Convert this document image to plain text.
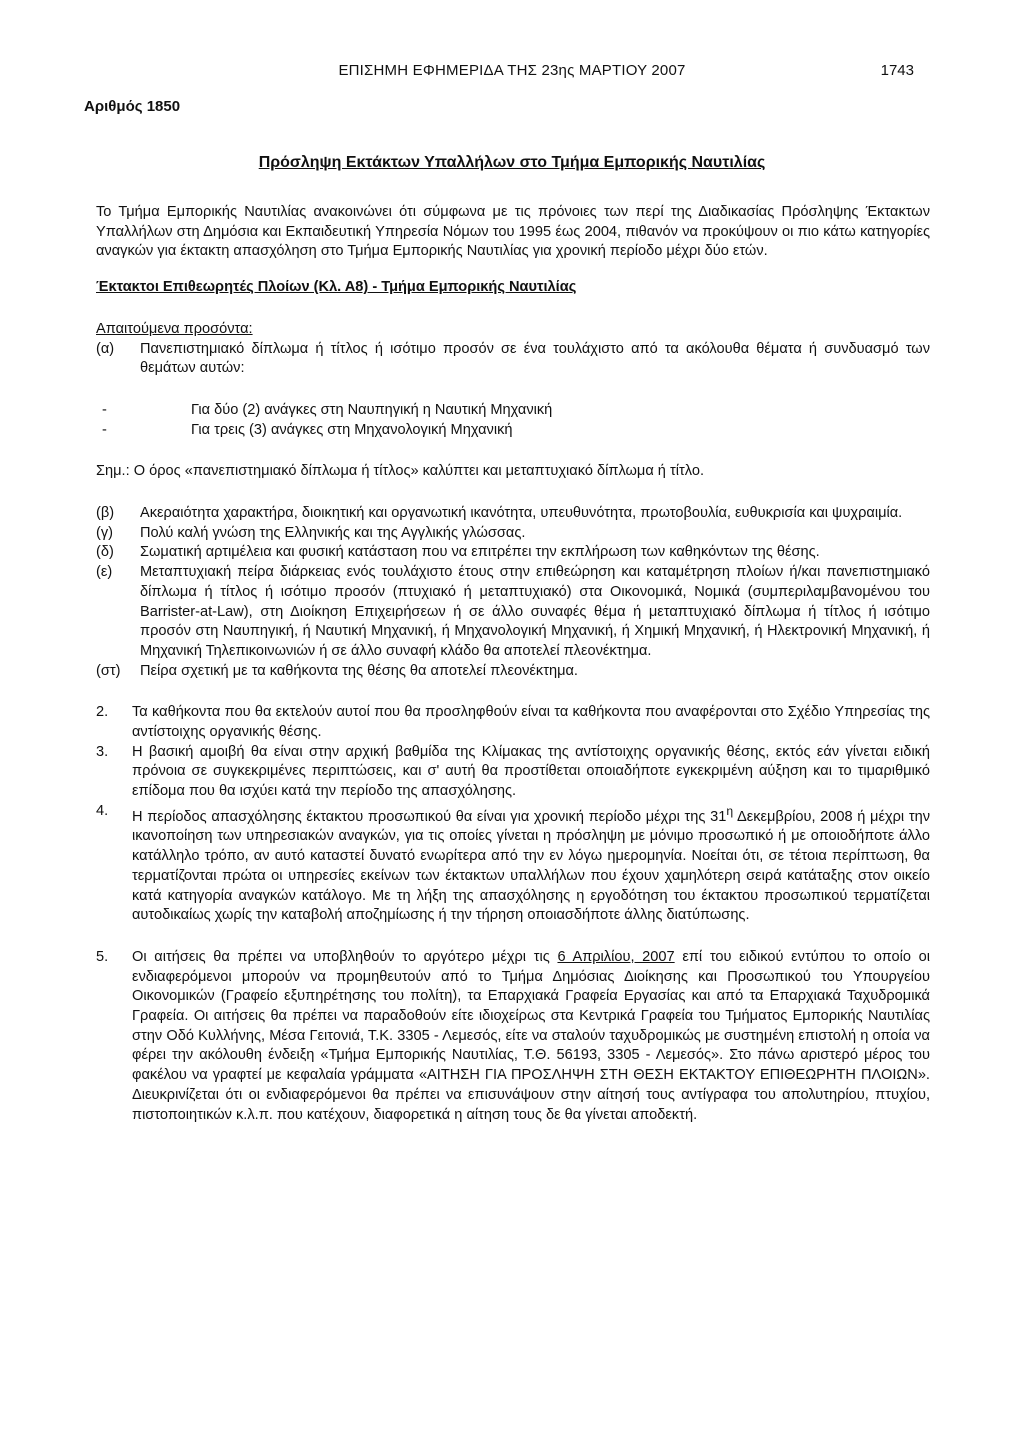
ΕΠΙΣΗΜΗ ΕΦΗΜΕΡΙΔΑ ΤΗΣ 23ης ΜΑΡΤΙΟΥ 2007	1743
Αριθμός 1850
Πρόσληψη Εκτάκτων Υπαλλήλων στο Τμήμα Εμπορικής Ναυτιλίας

Το Τμήμα Εμπορικής Ναυτιλίας ανακοινώνει ότι σύμφωνα με τις πρόνοιες των περί της Διαδικασίας Πρόσληψης Έκτακτων Υπαλλήλων στη Δημόσια και Εκπαιδευτική Υπηρεσία Νόμων του 1995 έως 2004, πιθανόν να προκύψουν οι πιο κάτω κατηγορίες αναγκών για έκτακτη απασχόληση στο Τμήμα Εμπορικής Ναυτιλίας για χρονική περίοδο μέχρι δύο ετών.

Έκτακτοι Επιθεωρητές Πλοίων (Κλ. Α8) - Τμήμα Εμπορικής Ναυτιλίας

Απαιτούμενα προσόντα:

(α)	Πανεπιστημιακό δίπλωμα ή τίτλος ή ισότιμο προσόν σε ένα τουλάχιστο από τα ακόλουθα θέματα ή συνδυασμό των θεμάτων αυτών:
-	Για δύο (2) ανάγκες στη Ναυπηγική η Ναυτική Μηχανική
-	Για τρεις (3) ανάγκες στη Μηχανολογική Μηχανική

Σημ.: Ο όρος «πανεπιστημιακό δίπλωμα ή τίτλος» καλύπτει και μεταπτυχιακό δίπλωμα ή τίτλο.

(β)	Ακεραιότητα χαρακτήρα, διοικητική και οργανωτική ικανότητα, υπευθυνότητα, πρωτοβουλία, ευθυκρισία και ψυχραιμία.
(γ)	Πολύ καλή γνώση της Ελληνικής και της Αγγλικής γλώσσας.
(δ)	Σωματική αρτιμέλεια και φυσική κατάσταση που να επιτρέπει την εκπλήρωση των καθηκόντων της θέσης.
(ε)	Μεταπτυχιακή πείρα διάρκειας ενός τουλάχιστο έτους στην επιθεώρηση και καταμέτρηση πλοίων ή/και πανεπιστημιακό δίπλωμα ή τίτλος ή ισότιμο προσόν (πτυχιακό ή μεταπτυχιακό) στα Οικονομικά, Νομικά (συμπεριλαμβανομένου του Barrister-at-Law), στη Διοίκηση Επιχειρήσεων ή σε άλλο συναφές θέμα ή μεταπτυχιακό δίπλωμα ή τίτλος ή ισότιμο προσόν στη Ναυπηγική, ή Ναυτική Μηχανική, ή Μηχανολογική Μηχανική, ή Χημική Μηχανική, ή Ηλεκτρονική Μηχανική, ή Μηχανική Τηλεπικοινωνιών ή σε άλλο συναφή κλάδο θα αποτελεί πλεονέκτημα.
(στ)	Πείρα σχετική με τα καθήκοντα της θέσης θα αποτελεί πλεονέκτημα.
2.	Τα καθήκοντα που θα εκτελούν αυτοί που θα προσληφθούν είναι τα καθήκοντα που αναφέρονται στο Σχέδιο Υπηρεσίας της αντίστοιχης οργανικής θέσης.
3.	Η βασική αμοιβή θα είναι στην αρχική βαθμίδα της Κλίμακας της αντίστοιχης οργανικής θέσης, εκτός εάν γίνεται ειδική πρόνοια σε συγκεκριμένες περιπτώσεις, και σ' αυτή θα προστίθεται οποιαδήποτε εγκεκριμένη αύξηση και το τιμαριθμικό επίδομα που θα ισχύει κατά την περίοδο της απασχόλησης.
4.	Η περίοδος απασχόλησης έκτακτου προσωπικού θα είναι για χρονική περίοδο μέχρι της $31^\eta$ Δεκεμβρίου, 2008 ή μέχρι την ικανοποίηση των υπηρεσιακών αναγκών, για τις οποίες γίνεται η πρόσληψη με μόνιμο προσωπικό ή με οποιοδήποτε άλλο κατάλληλο τρόπο, αν αυτό καταστεί δυνατό ενωρίτερα από την εν λόγω ημερομηνία. Νοείται ότι, σε τέτοια περίπτωση, θα τερματίζονται πρώτα οι υπηρεσίες εκείνων των έκτακτων υπαλλήλων που έχουν χαμηλότερη σειρά κατάταξης στον οικείο κατά κατηγορία αναγκών κατάλογο. Με τη λήξη της απασχόλησης η εργοδότηση του έκτακτου προσωπικού τερματίζεται αυτοδικαίως χωρίς την καταβολή αποζημίωσης ή την τήρηση οποιασδήποτε άλλης διατύπωσης.
5.	Οι αιτήσεις θα πρέπει να υποβληθούν το αργότερο μέχρι τις 6 Απριλίου, 2007 επί του ειδικού εντύπου το οποίο οι ενδιαφερόμενοι μπορούν να προμηθευτούν από το Τμήμα Δημόσιας Διοίκησης και Προσωπικού του Υπουργείου Οικονομικών (Γραφείο εξυπηρέτησης του πολίτη), τα Επαρχιακά Γραφεία Εργασίας και από τα Επαρχιακά Ταχυδρομικά Γραφεία. Οι αιτήσεις θα πρέπει να παραδοθούν είτε ιδιοχείρως στα Κεντρικά Γραφεία του Τμήματος Εμπορικής Ναυτιλίας στην Οδό Κυλλήνης, Μέσα Γειτονιά, Τ.Κ. 3305 - Λεμεσός, είτε να σταλούν ταχυδρομικώς με συστημένη επιστολή η οποία να φέρει την ακόλουθη ένδειξη «Τμήμα Εμπορικής Ναυτιλίας, Τ.Θ. 56193, 3305 - Λεμεσός». Στο πάνω αριστερό μέρος του φακέλου να γραφτεί με κεφαλαία γράμματα «ΑΙΤΗΣΗ ΓΙΑ ΠΡΟΣΛΗΨΗ ΣΤΗ ΘΕΣΗ ΕΚΤΑΚΤΟΥ ΕΠΙΘΕΩΡΗΤΗ ΠΛΟΙΩΝ». Διευκρινίζεται ότι οι ενδιαφερόμενοι θα πρέπει να επισυνάψουν στην αίτησή τους αντίγραφα του απολυτηρίου, πτυχίου, πιστοποιητικών κ.λ.π. που κατέχουν, διαφορετικά η αίτηση τους δε θα γίνεται αποδεκτή.
